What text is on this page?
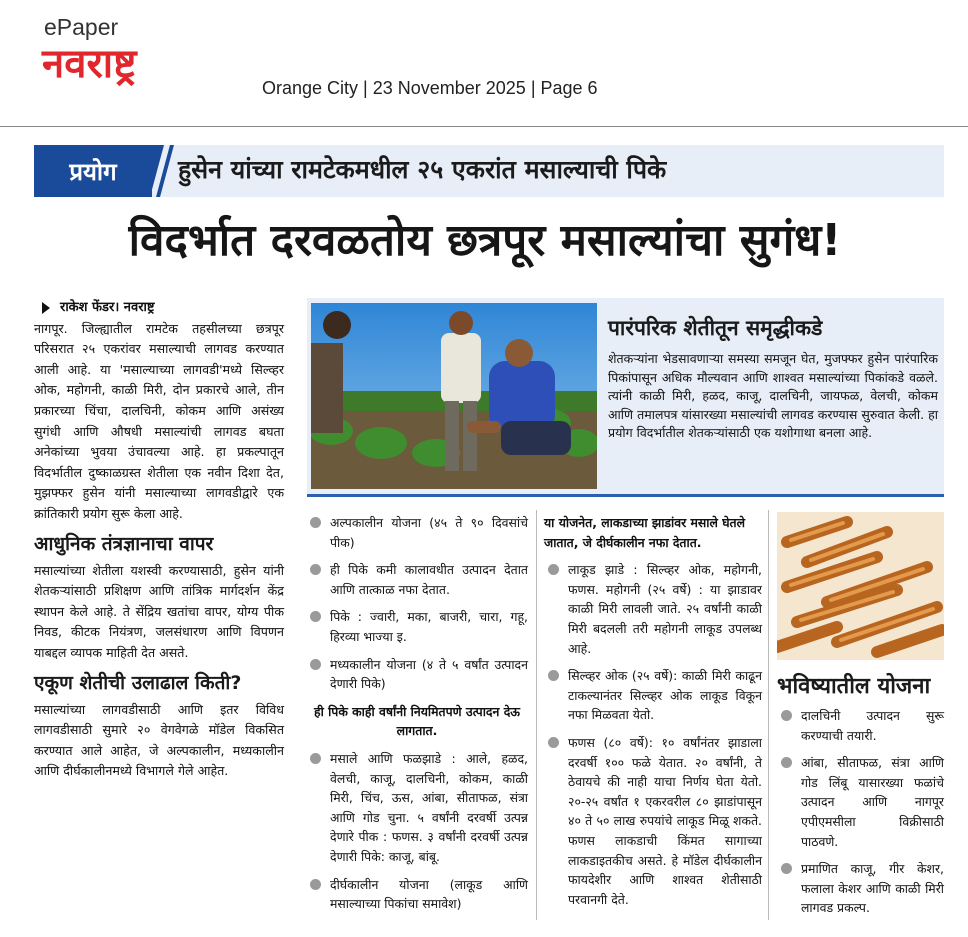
ePaper
नवराष्ट्र
Orange City | 23 November 2025 | Page 6
प्रयोग	हुसेन यांच्या रामटेकमधील २५ एकरांत मसाल्याची पिके
विदर्भात दरवळतोय छत्रपूर मसाल्यांचा सुगंध!
राकेश फेंडर। नवराष्ट्र

नागपूर. जिल्ह्यातील रामटेक तहसीलच्या छत्रपूर परिसरात २५ एकरांवर मसाल्याची लागवड करण्यात आली आहे. या 'मसाल्याच्या लागवडी'मध्ये सिल्व्हर ओक, महोगनी, काळी मिरी, दोन प्रकारचे आले, तीन प्रकारच्या चिंचा, दालचिनी, कोकम आणि असंख्य सुगंधी आणि औषधी मसाल्यांची लागवड बघता अनेकांच्या भुवया उंचावल्या आहे. हा प्रकल्पातून विदर्भातील दुष्काळग्रस्त शेतीला एक नवीन दिशा देत, मुझफ्फर हुसेन यांनी मसाल्याच्या लागवडीद्वारे एक क्रांतिकारी प्रयोग सुरू केला आहे.

आधुनिक तंत्रज्ञानाचा वापर

मसाल्यांच्या शेतीला यशस्वी करण्यासाठी, हुसेन यांनी शेतकऱ्यांसाठी प्रशिक्षण आणि तांत्रिक मार्गदर्शन केंद्र स्थापन केले आहे. ते सेंद्रिय खतांचा वापर, योग्य पीक निवड, कीटक नियंत्रण, जलसंधारण आणि विपणन याबद्दल व्यापक माहिती देत असते.

एकूण शेतीची उलाढाल किती?

मसाल्यांच्या लागवडीसाठी आणि इतर विविध लागवडीसाठी सुमारे २० वेगवेगळे मॉडेल विकसित करण्यात आले आहेत, जे अल्पकालीन, मध्यकालीन आणि दीर्घकालीनमध्ये विभागले गेले आहेत.

पारंपरिक शेतीतून समृद्धीकडे
शेतकऱ्यांना भेडसावणाऱ्या समस्या समजून घेत, मुजफ्फर हुसेन पारंपारिक पिकांपासून अधिक मौल्यवान आणि शाश्वत मसाल्यांच्या पिकांकडे वळले. त्यांनी काळी मिरी, हळद, काजू, दालचिनी, जायफळ, वेलची, कोकम आणि तमालपत्र यांसारख्या मसाल्यांची लागवड करण्यास सुरुवात केली. हा प्रयोग विदर्भातील शेतकऱ्यांसाठी एक यशोगाथा बनला आहे.
अल्पकालीन योजना (४५ ते ९० दिवसांचे पीक)
ही पिके कमी कालावधीत उत्पादन देतात आणि तात्काळ नफा देतात.
पिके : ज्वारी, मका, बाजरी, चारा, गहू, हिरव्या भाज्या इ.
मध्यकालीन योजना (४ ते ५ वर्षांत उत्पादन देणारी पिके)
ही पिके काही वर्षांनी नियमितपणे उत्पादन देऊ लागतात.
मसाले आणि फळझाडे : आले, हळद, वेलची, काजू, दालचिनी, कोकम, काळी मिरी, चिंच, ऊस, आंबा, सीताफळ, संत्रा आणि गोड चुना. ५ वर्षांनी दरवर्षी उत्पन्न देणारे पीक : फणस. ३ वर्षांनी दरवर्षी उत्पन्न देणारी पिके: काजू, बांबू.
दीर्घकालीन योजना (लाकूड आणि मसाल्याच्या पिकांचा समावेश)
या योजनेत, लाकडाच्या झाडांवर मसाले घेतले जातात, जे दीर्घकालीन नफा देतात.
लाकूड झाडे : सिल्व्हर ओक, महोगनी, फणस. महोगनी (२५ वर्षे) : या झाडावर काळी मिरी लावली जाते. २५ वर्षांनी काळी मिरी बदलली तरी महोगनी लाकूड उपलब्ध आहे.
सिल्व्हर ओक (२५ वर्षे): काळी मिरी काढून टाकल्यानंतर सिल्व्हर ओक लाकूड विकून नफा मिळवता येतो.
फणस (८० वर्षे): १० वर्षांनंतर झाडाला दरवर्षी १०० फळे येतात. २० वर्षांनी, ते ठेवायचे की नाही याचा निर्णय घेता येतो. २०-२५ वर्षांत १ एकरवरील ८० झाडांपासून ४० ते ५० लाख रुपयांचे लाकूड मिळू शकते. फणस लाकडाची किंमत सागाच्या लाकडाइतकीच असते. हे मॉडेल दीर्घकालीन फायदेशीर आणि शाश्वत शेतीसाठी परवानगी देते.
भविष्यातील योजना
दालचिनी उत्पादन सुरू करण्याची तयारी.
आंबा, सीताफळ, संत्रा आणि गोड लिंबू यासारख्या फळांचे उत्पादन आणि नागपूर एपीएमसीला विक्रीसाठी पाठवणे.
प्रमाणित काजू, गीर केशर, फलाला केशर आणि काळी मिरी लागवड प्रकल्प.
